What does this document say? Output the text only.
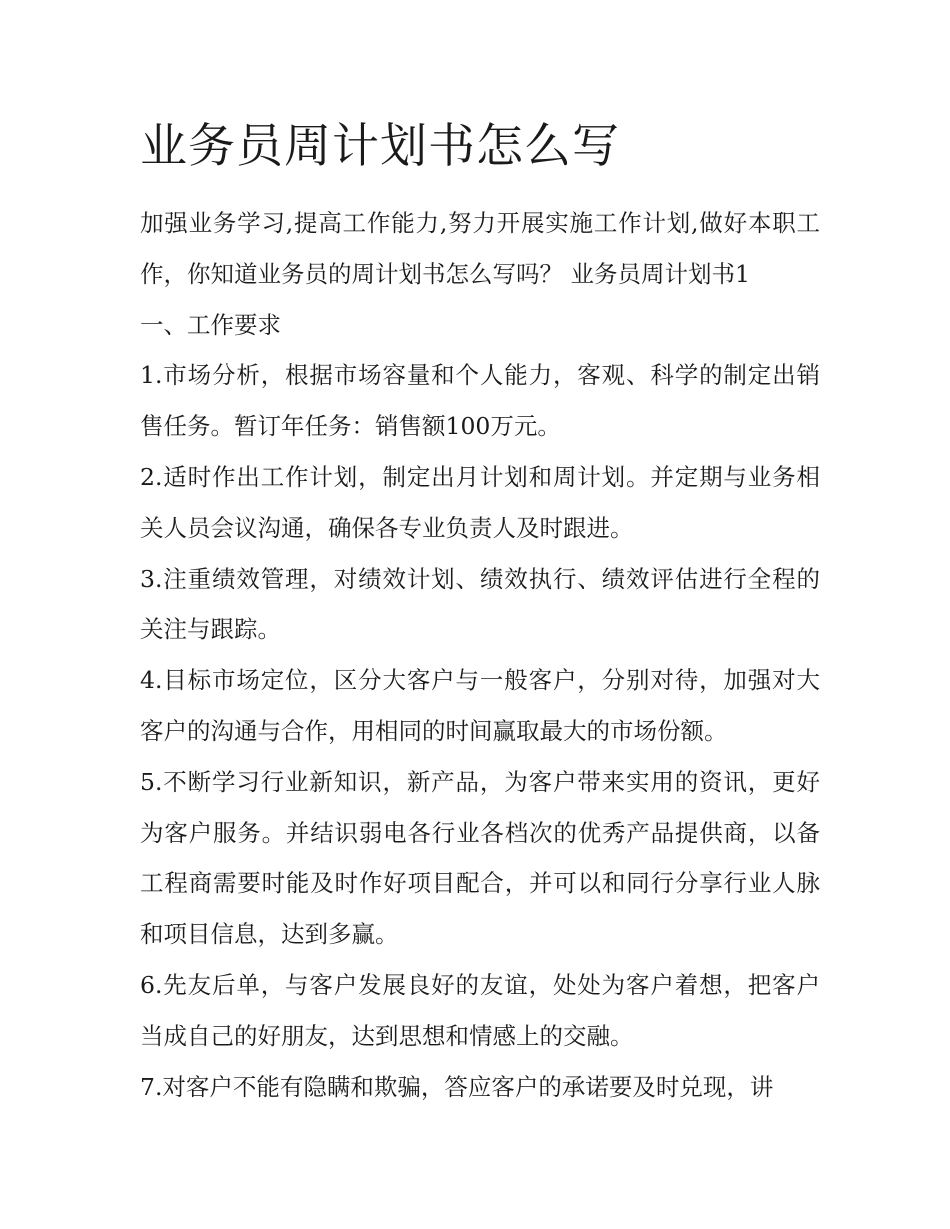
业务员周计划书怎么写

加强业务学习,提高工作能力,努力开展实施工作计划,做好本职工作，你知道业务员的周计划书怎么写吗？ 业务员周计划书1

一、工作要求

1.市场分析，根据市场容量和个人能力，客观、科学的制定出销售任务。暂订年任务：销售额100万元。

2.适时作出工作计划，制定出月计划和周计划。并定期与业务相关人员会议沟通，确保各专业负责人及时跟进。

3.注重绩效管理，对绩效计划、绩效执行、绩效评估进行全程的关注与跟踪。

4.目标市场定位，区分大客户与一般客户，分别对待，加强对大客户的沟通与合作，用相同的时间赢取最大的市场份额。

5.不断学习行业新知识，新产品，为客户带来实用的资讯，更好为客户服务。并结识弱电各行业各档次的优秀产品提供商，以备工程商需要时能及时作好项目配合，并可以和同行分享行业人脉和项目信息，达到多赢。

6.先友后单，与客户发展良好的友谊，处处为客户着想，把客户当成自己的好朋友，达到思想和情感上的交融。

7.对客户不能有隐瞒和欺骗，答应客户的承诺要及时兑现，讲
